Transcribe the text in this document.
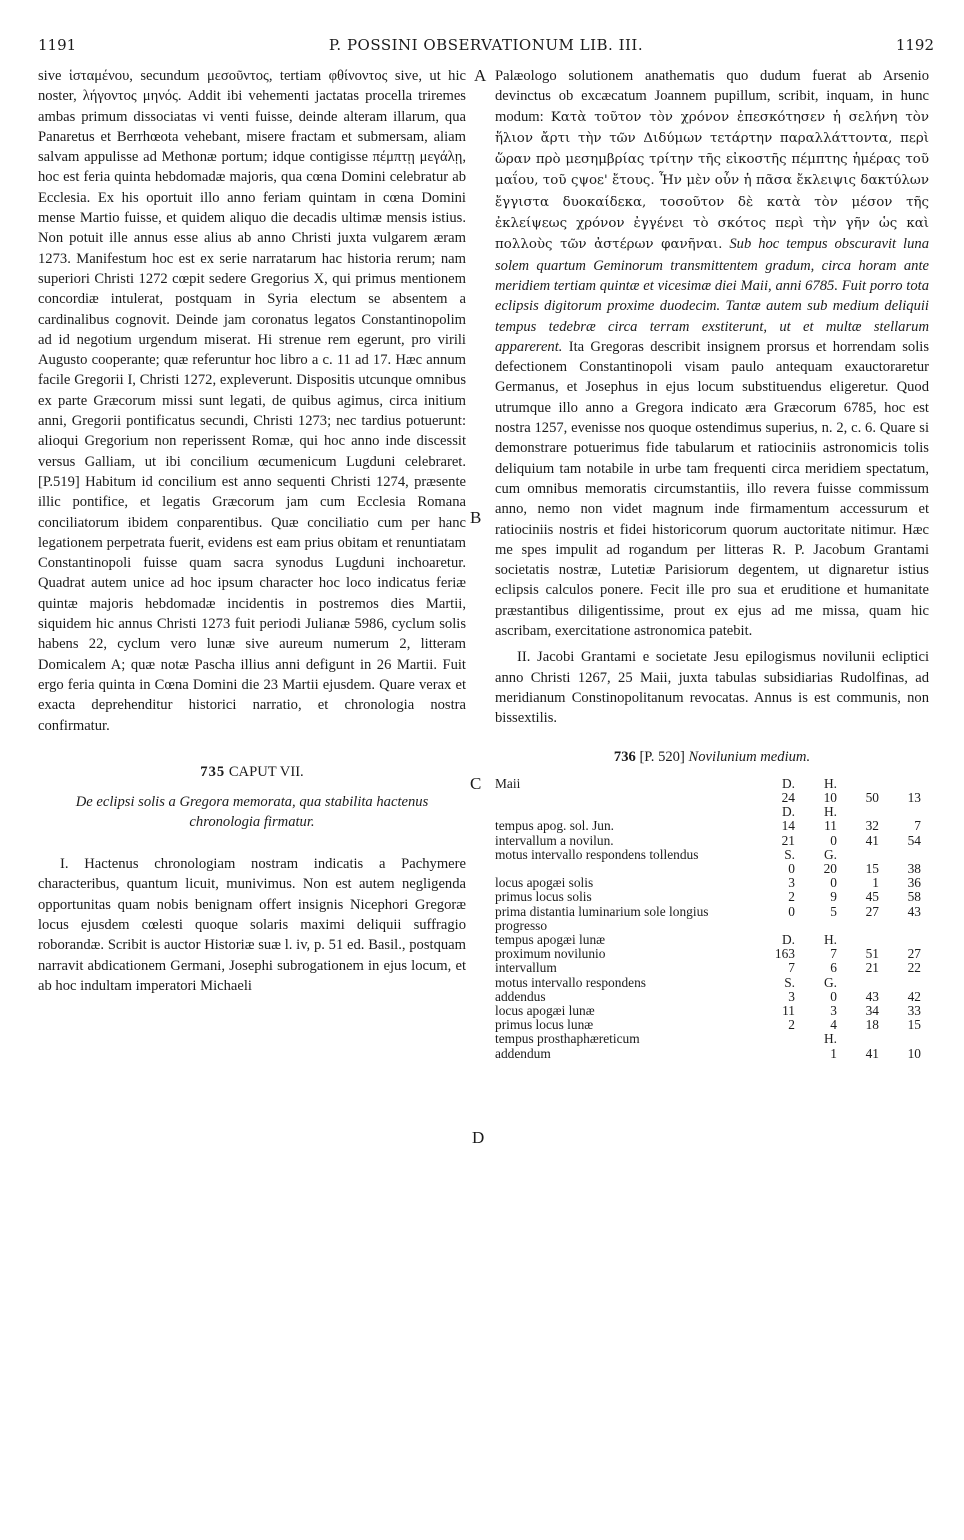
1191	P. POSSINI OBSERVATIONUM LIB. III.	1192
A
B
C
D

sive ἱσταμένου, secundum μεσοῦντος, tertiam φθίνοντος sive, ut hic noster, λήγοντος μηνός. Addit ibi vehementi jactatas procella triremes ambas primum dissociatas vi venti fuisse, deinde alteram illarum, qua Panaretus et Berrhœota vehebant, misere fractam et submersam, aliam salvam appulisse ad Methonæ portum; idque contigisse πέμπτῃ μεγάλῃ, hoc est feria quinta hebdomadæ majoris, qua cœna Domini celebratur ab Ecclesia. Ex his oportuit illo anno feriam quintam in cœna Domini mense Martio fuisse, et quidem aliquo die decadis ultimæ mensis istius. Non potuit ille annus esse alius ab anno Christi juxta vulgarem æram 1273. Manifestum hoc est ex serie narratarum hac historia rerum; nam superiori Christi 1272 cœpit sedere Gregorius X, qui primus mentionem concordiæ intulerat, postquam in Syria electum se absentem a cardinalibus cognovit. Deinde jam coronatus legatos Constantinopolim ad id negotium urgendum miserat. Hi strenue rem egerunt, pro virili Augusto cooperante; quæ referuntur hoc libro a c. 11 ad 17. Hæc annum facile Gregorii I, Christi 1272, expleverunt. Dispositis utcunque omnibus ex parte Græcorum missi sunt legati, de quibus agimus, circa initium anni, Gregorii pontificatus secundi, Christi 1273; nec tardius potuerunt: alioqui Gregorium non reperissent Romæ, qui hoc anno inde discessit versus Galliam, ut ibi concilium œcumenicum Lugduni celebraret. [P.519] Habitum id concilium est anno sequenti Christi 1274, præsente illic pontifice, et legatis Græcorum jam cum Ecclesia Romana conciliatorum ibidem conparentibus. Quæ conciliatio cum per hanc legationem perpetrata fuerit, evidens est eam prius obitam et renuntiatam Constantinopoli fuisse quam sacra synodus Lugduni inchoaretur. Quadrat autem unice ad hoc ipsum character hoc loco indicatus feriæ quintæ majoris hebdomadæ incidentis in postremos dies Martii, siquidem hic annus Christi 1273 fuit periodi Julianæ 5986, cyclum solis habens 22, cyclum vero lunæ sive aureum numerum 2, litteram Domicalem A; quæ notæ Pascha illius anni defigunt in 26 Martii. Fuit ergo feria quinta in Cœna Domini die 23 Martii ejusdem. Quare verax et exacta deprehenditur historici narratio, et chronologia nostra confirmatur.

735 CAPUT VII.
De eclipsi solis a Gregora memorata, qua stabilita hactenus chronologia firmatur.

I. Hactenus chronologiam nostram indicatis a Pachymere characteribus, quantum licuit, munivimus. Non est autem negligenda opportunitas quam nobis benignam offert insignis Nicephori Gregoræ locus ejusdem cœlesti quoque solaris maximi deliquii suffragio roborandæ. Scribit is auctor Historiæ suæ l. iv, p. 51 ed. Basil., postquam narravit abdicationem Germani, Josephi subrogationem in ejus locum, et ab hoc indultam imperatori Michaeli

Palæologo solutionem anathematis quo dudum fuerat ab Arsenio devinctus ob excæcatum Joannem pupillum, scribit, inquam, in hunc modum: Κατὰ τοῦτον τὸν χρόνον ἐπεσκότησεν ἡ σελήνη τὸν ἥλιον ἄρτι τὴν τῶν Διδύμων τετάρτην παραλλάττοντα, περὶ ὥραν πρὸ μεσημβρίας τρίτην τῆς εἰκοστῆς πέμπτης ἡμέρας τοῦ μαΐου, τοῦ ςψοε' ἔτους. Ἦν μὲν οὖν ἡ πᾶσα ἔκλειψις δακτύλων ἔγγιστα δυοκαίδεκα, τοσοῦτον δὲ κατὰ τὸν μέσον τῆς ἐκλείψεως χρόνον ἐγγένει τὸ σκότος περὶ τὴν γῆν ὡς καὶ πολλοὺς τῶν ἀστέρων φανῆναι. Sub hoc tempus obscuravit luna solem quartum Geminorum transmittentem gradum, circa horam ante meridiem tertiam quintæ et vicesimæ diei Maii, anni 6785. Fuit porro tota eclipsis digitorum proxime duodecim. Tantæ autem sub medium deliquii tempus tedebræ circa terram exstiterunt, ut et multæ stellarum apparerent. Ita Gregoras describit insignem prorsus et horrendam solis defectionem Constantinopoli visam paulo antequam exauctoraretur Germanus, et Josephus in ejus locum substituendus eligeretur. Quod utrumque illo anno a Gregora indicato æra Græcorum 6785, hoc est nostra 1257, evenisse nos quoque ostendimus superius, n. 2, c. 6. Quare si demonstrare potuerimus fide tabularum et ratiociniis astronomicis tolis deliquium tam notabile in urbe tam frequenti circa meridiem spectatum, cum omnibus memoratis circumstantiis, illo revera fuisse commissum anno, nemo non videt magnum inde firmamentum accessurum et ratiociniis nostris et fidei historicorum quorum auctoritate nitimur. Hæc me spes impulit ad rogandum per litteras R. P. Jacobum Grantami societatis nostræ, Lutetiæ Parisiorum degentem, ut dignaretur istius eclipsis calculos ponere. Fecit ille pro sua et eruditione et humanitate præstantibus diligentissime, prout ex ejus ad me missa, quam hic ascribam, exercitatione astronomica patebit.

II. Jacobi Grantami e societate Jesu epilogismus novilunii ecliptici anno Christi 1267, 25 Maii, juxta tabulas subsidiarias Rudolfinas, ad meridianum Constinopolitanum revocatas. Annus is est communis, non bissextilis.

736 [P. 520] Novilunium medium.
Maii	D.	H.		
	24	10	50	13
	D.	H.		
tempus apog. sol. Jun.	14	11	32	7
intervallum a novilun.	21	0	41	54
motus intervallo respondens tollendus	S.	G.		
	0	20	15	38
locus apogæi solis	3	0	1	36
primus locus solis	2	9	45	58
prima distantia luminarium sole longius progresso	0	5	27	43
tempus apogæi lunæ	D.	H.		
proximum novilunio	163	7	51	27
intervallum	7	6	21	22
motus intervallo respondens	S.	G.		
addendus	3	0	43	42
locus apogæi lunæ	11	3	34	33
primus locus lunæ	2	4	18	15
tempus prosthaphæreticum		H.		
addendum		1	41	10
